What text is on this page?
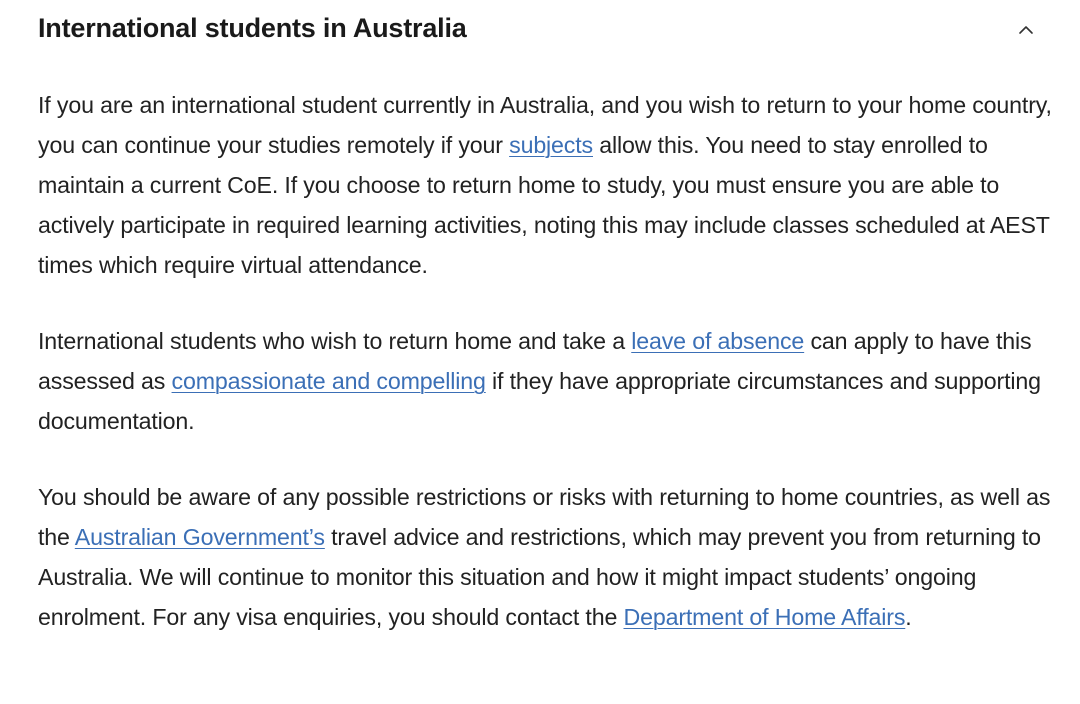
International students in Australia

If you are an international student currently in Australia, and you wish to return to your home country, you can continue your studies remotely if your subjects allow this. You need to stay enrolled to maintain a current CoE. If you choose to return home to study, you must ensure you are able to actively participate in required learning activities, noting this may include classes scheduled at AEST times which require virtual attendance.

International students who wish to return home and take a leave of absence can apply to have this assessed as compassionate and compelling if they have appropriate circumstances and supporting documentation.

You should be aware of any possible restrictions or risks with returning to home countries, as well as the Australian Government’s travel advice and restrictions, which may prevent you from returning to Australia. We will continue to monitor this situation and how it might impact students’ ongoing enrolment. For any visa enquiries, you should contact the Department of Home Affairs.
